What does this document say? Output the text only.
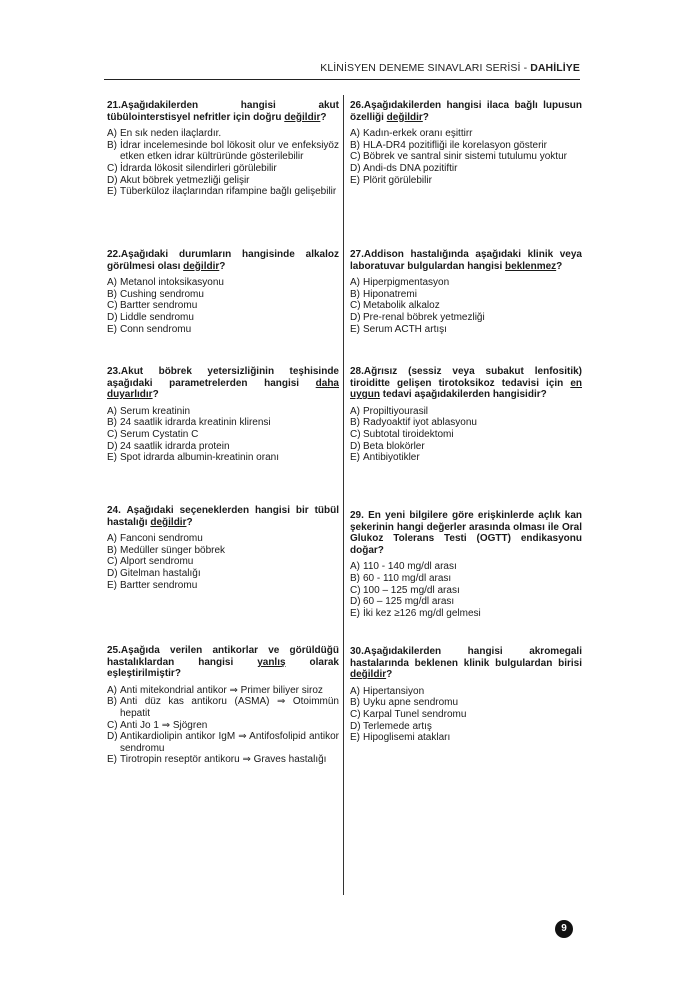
KLİNİSYEN DENEME SINAVLARI SERİSİ - DAHİLİYE
21.Aşağıdakilerden hangisi akut tübülointerstisyel nefritler için doğru değildir?
A) En sık neden ilaçlardır.
B) İdrar incelemesinde bol lökosit olur ve enfeksiyöz etken etken idrar kültrüründe gösterilebilir
C) İdrarda lökosit silendirleri görülebilir
D) Akut böbrek yetmezliği gelişir
E) Tüberküloz ilaçlarından rifampine bağlı gelişebilir
22.Aşağıdaki durumların hangisinde alkaloz görülmesi olası değildir?
A) Metanol intoksikasyonu
B) Cushing sendromu
C) Bartter sendromu
D) Liddle sendromu
E) Conn sendromu
23.Akut böbrek yetersizliğinin teşhisinde aşağıdaki parametrelerden hangisi daha duyarlıdır?
A) Serum kreatinin
B) 24 saatlik idrarda kreatinin klirensi
C) Serum Cystatin C
D) 24 saatlik idrarda protein
E) Spot idrarda albumin-kreatinin oranı
24. Aşağıdaki seçeneklerden hangisi bir tübül hastalığı değildir?
A) Fanconi sendromu
B) Medüller sünger böbrek
C) Alport sendromu
D) Gitelman hastalığı
E) Bartter sendromu
25.Aşağıda verilen antikorlar ve görüldüğü hastalıklardan hangisi yanlış olarak eşleştirilmiştir?
A) Anti mitekondrial antikor ⇒ Primer biliyer siroz
B) Anti düz kas antikoru (ASMA) ⇒ Otoimmün hepatit
C) Anti Jo 1 ⇒ Sjögren
D) Antikardiolipin antikor IgM ⇒ Antifosfolipid antikor sendromu
E) Tirotropin reseptör antikoru ⇒ Graves hastalığı
26.Aşağıdakilerden hangisi ilaca bağlı lupusun özelliği değildir?
A) Kadın-erkek oranı eşittirr
B) HLA-DR4 pozitifliği ile korelasyon gösterir
C) Böbrek ve santral sinir sistemi tutulumu yoktur
D) Andi-ds DNA pozitiftir
E) Plörit görülebilir
27.Addison hastalığında aşağıdaki klinik veya laboratuvar bulgulardan hangisi beklenmez?
A) Hiperpigmentasyon
B) Hiponatremi
C) Metabolik alkaloz
D) Pre-renal böbrek yetmezliği
E) Serum ACTH artışı
28.Ağrısız (sessiz veya subakut lenfositik) tiroiditte gelişen tirotoksikoz tedavisi için en uygun tedavi aşağıdakilerden hangisidir?
A) Propiltiyourasil
B) Radyoaktif iyot ablasyonu
C) Subtotal tiroidektomi
D) Beta blokörler
E) Antibiyotikler
29. En yeni bilgilere göre erişkinlerde açlık kan şekerinin hangi değerler arasında olması ile Oral Glukoz Tolerans Testi (OGTT) endikasyonu doğar?
A) 110 - 140 mg/dl arası
B) 60 - 110 mg/dl arası
C) 100 – 125 mg/dl arası
D) 60 – 125 mg/dl arası
E) İki kez ≥126 mg/dl gelmesi
30.Aşağıdakilerden hangisi akromegali hastalarında beklenen klinik bulgulardan birisi değildir?
A) Hipertansiyon
B) Uyku apne sendromu
C) Karpal Tunel sendromu
D) Terlemede artış
E) Hipoglisemi atakları
9
